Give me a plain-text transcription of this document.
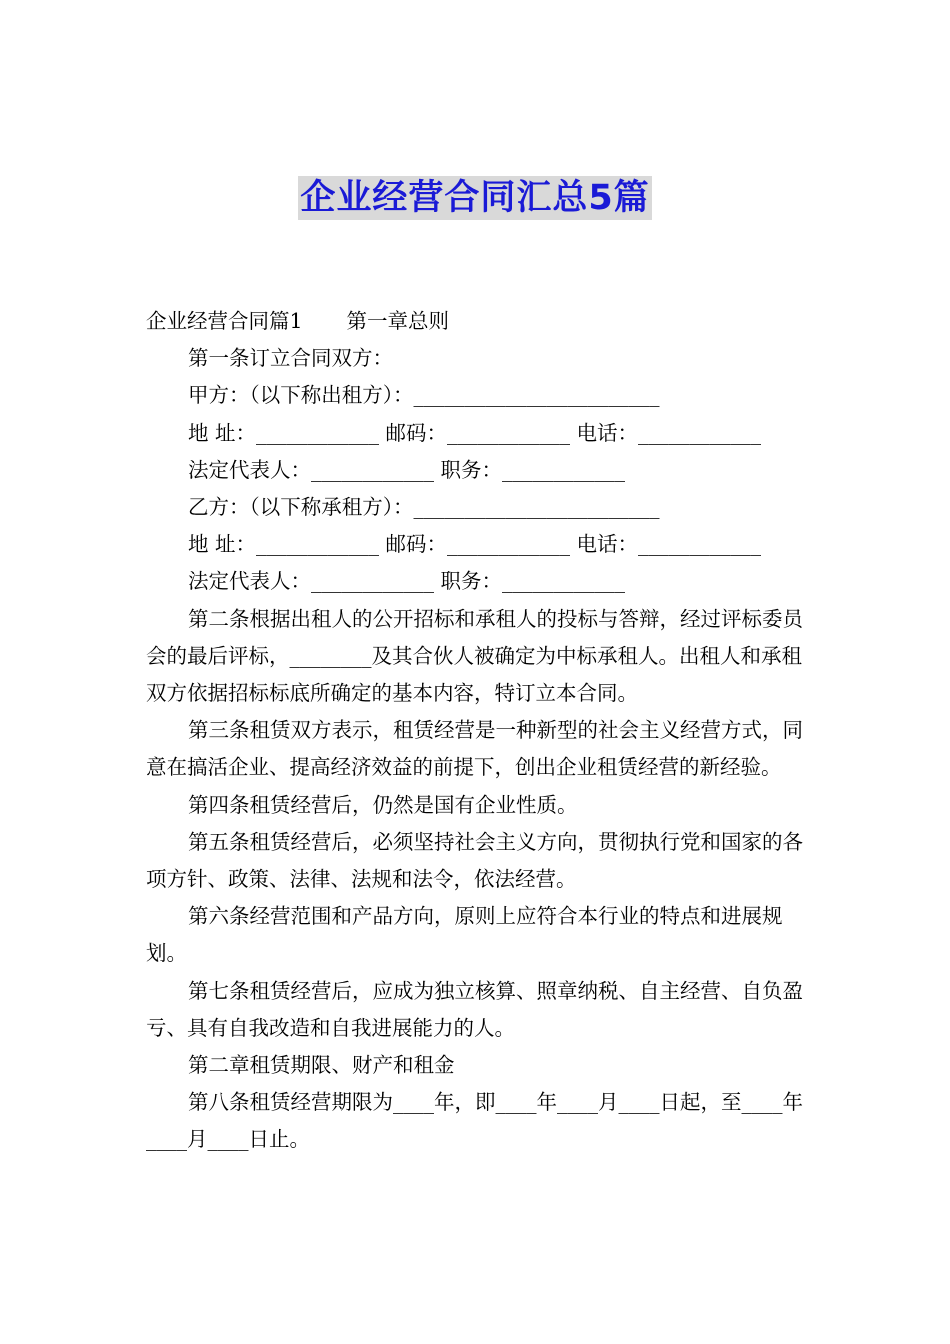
企业经营合同汇总5篇

企业经营合同篇1 第一章总则

第一条订立合同双方：

甲方：（以下称出租方）：________________________

地 址：____________ 邮码：____________ 电话：____________

法定代表人：____________ 职务：____________

乙方：（以下称承租方）：________________________

地 址：____________ 邮码：____________ 电话：____________

法定代表人：____________ 职务：____________

第二条根据出租人的公开招标和承租人的投标与答辩，经过评标委员会的最后评标，________及其合伙人被确定为中标承租人。出租人和承租双方依据招标标底所确定的基本内容，特订立本合同。

第三条租赁双方表示，租赁经营是一种新型的社会主义经营方式，同意在搞活企业、提高经济效益的前提下，创出企业租赁经营的新经验。

第四条租赁经营后，仍然是国有企业性质。

第五条租赁经营后，必须坚持社会主义方向，贯彻执行党和国家的各项方针、政策、法律、法规和法令，依法经营。

第六条经营范围和产品方向，原则上应符合本行业的特点和进展规划。

第七条租赁经营后，应成为独立核算、照章纳税、自主经营、自负盈亏、具有自我改造和自我进展能力的人。

第二章租赁期限、财产和租金

第八条租赁经营期限为____年，即____年____月____日起，至____年____月____日止。
